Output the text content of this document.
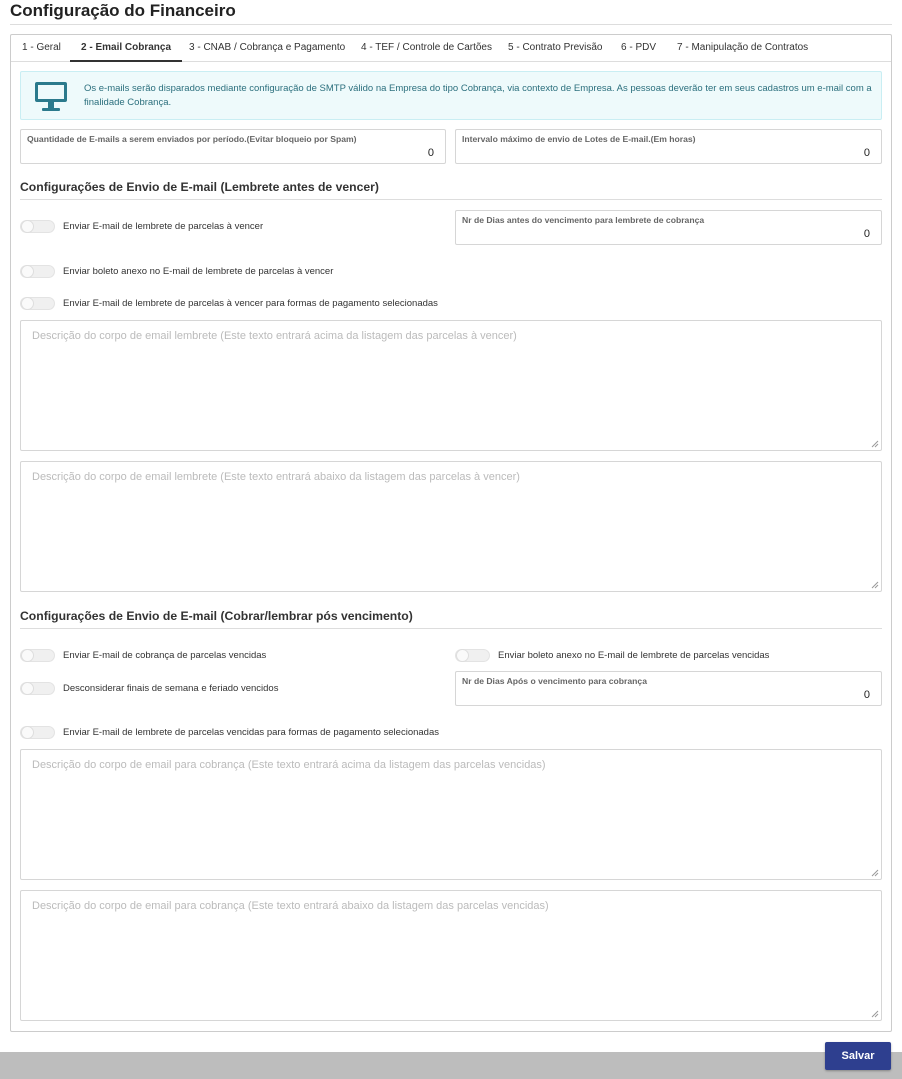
Configuração do Financeiro
1 - Geral	2 - Email Cobrança	3 - CNAB / Cobrança e Pagamento 4 - TEF / Controle de Cartões 5 - Contrato Previsão 6 - PDV 7 - Manipulação de Contratos
Os e-mails serão disparados mediante configuração de SMTP válido na Empresa do tipo Cobrança, via contexto de Empresa. As pessoas deverão ter em seus cadastros um e-mail com a finalidade Cobrança.
Quantidade de E-mails a serem enviados por período.(Evitar bloqueio por Spam)
0
Intervalo máximo de envio de Lotes de E-mail.(Em horas)
0
Configurações de Envio de E-mail (Lembrete antes de vencer)
Enviar E-mail de lembrete de parcelas à vencer
Nr de Dias antes do vencimento para lembrete de cobrança
0
Enviar boleto anexo no E-mail de lembrete de parcelas à vencer
Enviar E-mail de lembrete de parcelas à vencer para formas de pagamento selecionadas
Descrição do corpo de email lembrete (Este texto entrará acima da listagem das parcelas à vencer)
Descrição do corpo de email lembrete (Este texto entrará abaixo da listagem das parcelas à vencer)
Configurações de Envio de E-mail (Cobrar/lembrar pós vencimento)
Enviar E-mail de cobrança de parcelas vencidas	Enviar boleto anexo no E-mail de lembrete de parcelas vencidas
Desconsiderar finais de semana e feriado vencidos
Nr de Dias Após o vencimento para cobrança
0
Enviar E-mail de lembrete de parcelas vencidas para formas de pagamento selecionadas
Descrição do corpo de email para cobrança (Este texto entrará acima da listagem das parcelas vencidas)
Descrição do corpo de email para cobrança (Este texto entrará abaixo da listagem das parcelas vencidas)
Salvar
